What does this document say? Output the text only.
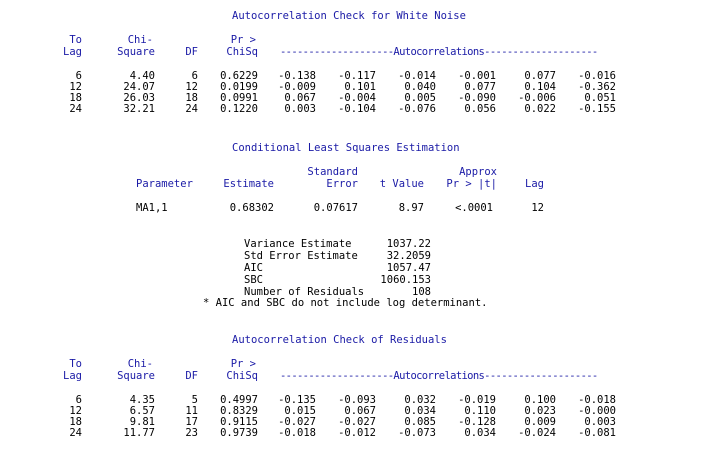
Autocorrelation Check for White Noise
To	Chi-	Pr >
Lag	Square	DF	ChiSq --------------------Autocorrelations--------------------
6	4.40	6	0.6229	-0.138	-0.117	-0.014	-0.001	0.077	-0.016
12	24.07	12	0.0199	-0.009	0.101	0.040	0.077	0.104	-0.362
18	26.03	18	0.0991	0.067	-0.004	0.005	-0.090	-0.006	0.051
24	32.21	24	0.1220	0.003	-0.104	-0.076	0.056	0.022	-0.155
Conditional Least Squares Estimation
Standard	Approx
Parameter	Estimate	Error t Value	Pr > |t|	Lag
MA1,1	0.68302	0.07617	8.97	<.0001	12
Variance Estimate	1037.22
Std Error Estimate	32.2059
AIC	1057.47
SBC	1060.153
Number of Residuals	108
* AIC and SBC do not include log determinant.
Autocorrelation Check of Residuals
To	Chi-	Pr >
Lag	Square	DF	ChiSq --------------------Autocorrelations--------------------
6	4.35	5	0.4997	-0.135	-0.093	0.032	-0.019	0.100	-0.018
12	6.57	11	0.8329	0.015	0.067	0.034	0.110	0.023	-0.000
18	9.81	17	0.9115	-0.027	-0.027	0.085	-0.128	0.009	0.003
24	11.77	23	0.9739	-0.018	-0.012	-0.073	0.034	-0.024	-0.081
